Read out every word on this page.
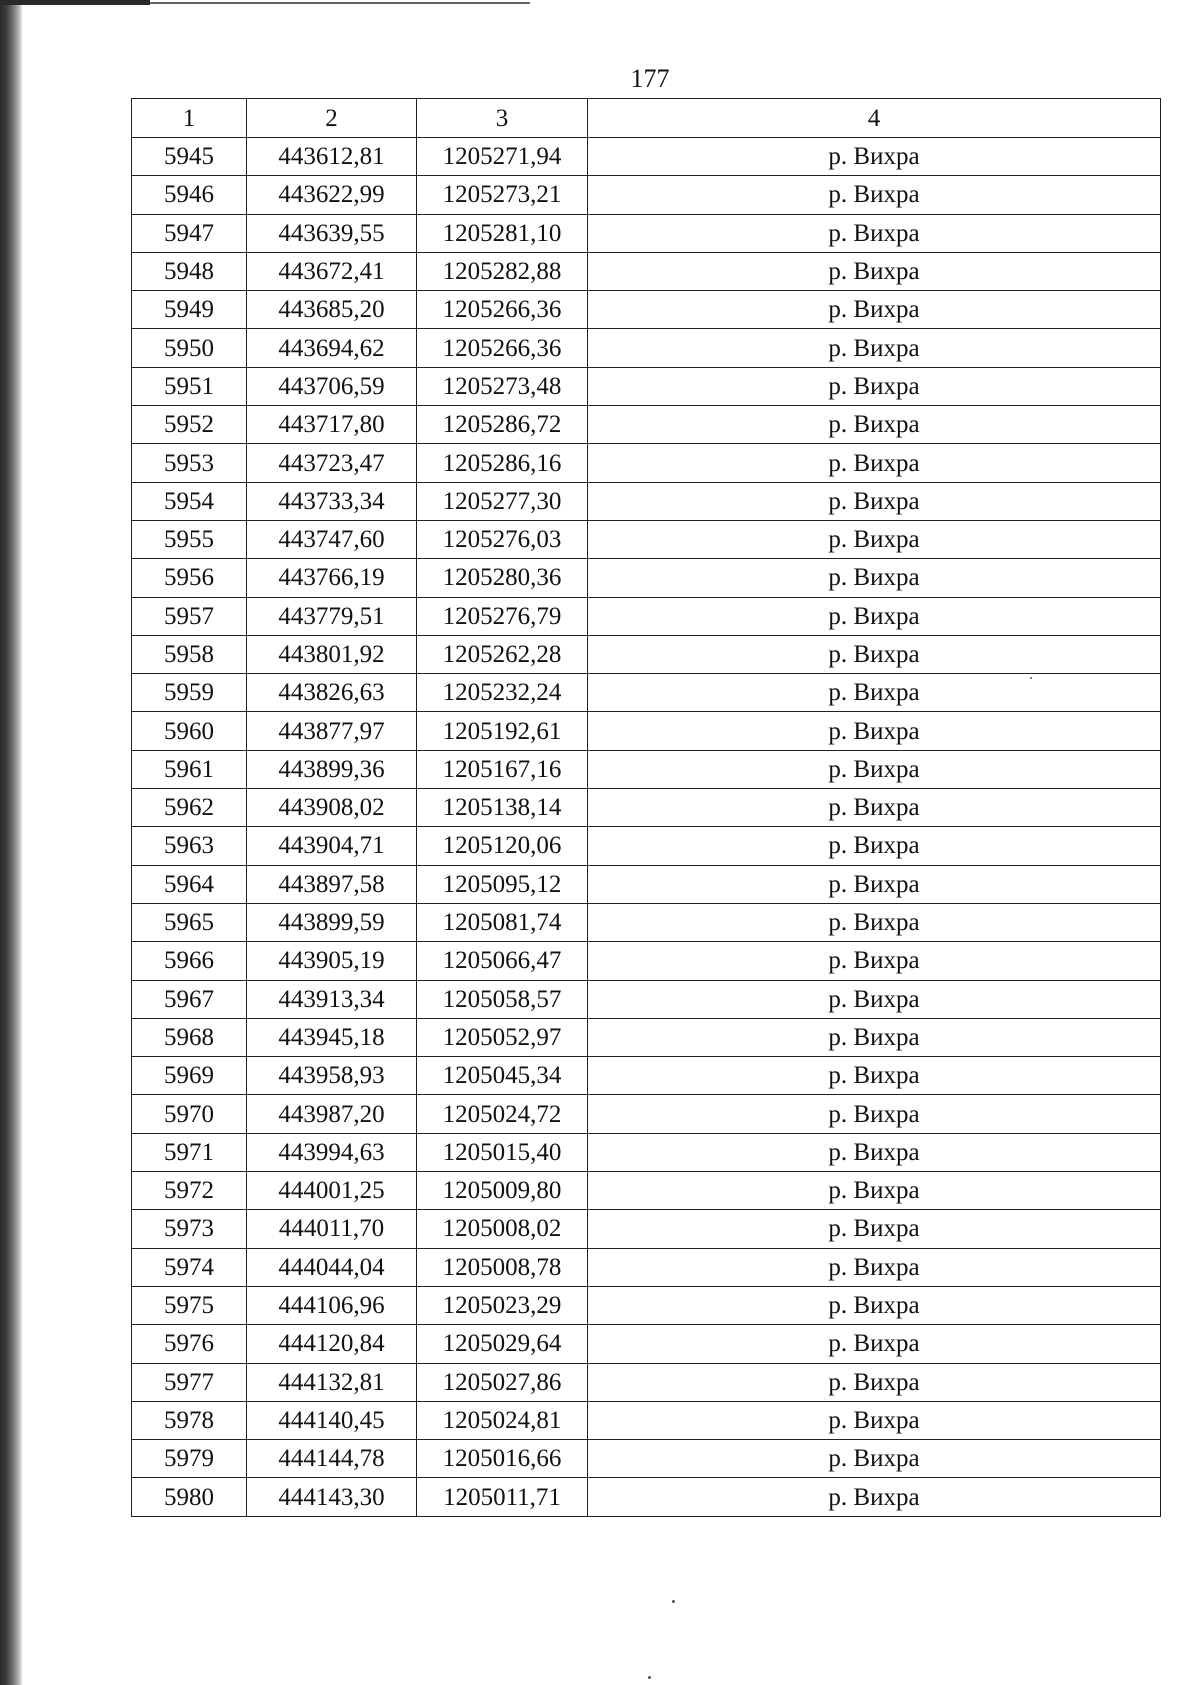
177
1	2	3	4
5945	443612,81	1205271,94	р. Вихра
5946	443622,99	1205273,21	р. Вихра
5947	443639,55	1205281,10	р. Вихра
5948	443672,41	1205282,88	р. Вихра
5949	443685,20	1205266,36	р. Вихра
5950	443694,62	1205266,36	р. Вихра
5951	443706,59	1205273,48	р. Вихра
5952	443717,80	1205286,72	р. Вихра
5953	443723,47	1205286,16	р. Вихра
5954	443733,34	1205277,30	р. Вихра
5955	443747,60	1205276,03	р. Вихра
5956	443766,19	1205280,36	р. Вихра
5957	443779,51	1205276,79	р. Вихра
5958	443801,92	1205262,28	р. Вихра
5959	443826,63	1205232,24	р. Вихра
5960	443877,97	1205192,61	р. Вихра
5961	443899,36	1205167,16	р. Вихра
5962	443908,02	1205138,14	р. Вихра
5963	443904,71	1205120,06	р. Вихра
5964	443897,58	1205095,12	р. Вихра
5965	443899,59	1205081,74	р. Вихра
5966	443905,19	1205066,47	р. Вихра
5967	443913,34	1205058,57	р. Вихра
5968	443945,18	1205052,97	р. Вихра
5969	443958,93	1205045,34	р. Вихра
5970	443987,20	1205024,72	р. Вихра
5971	443994,63	1205015,40	р. Вихра
5972	444001,25	1205009,80	р. Вихра
5973	444011,70	1205008,02	р. Вихра
5974	444044,04	1205008,78	р. Вихра
5975	444106,96	1205023,29	р. Вихра
5976	444120,84	1205029,64	р. Вихра
5977	444132,81	1205027,86	р. Вихра
5978	444140,45	1205024,81	р. Вихра
5979	444144,78	1205016,66	р. Вихра
5980	444143,30	1205011,71	р. Вихра
